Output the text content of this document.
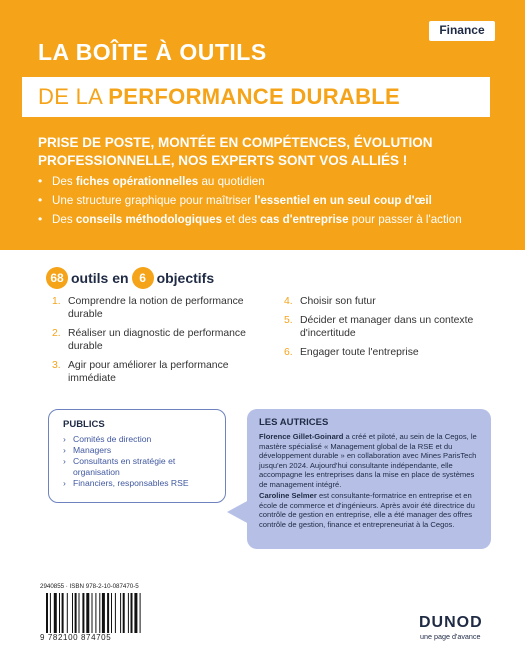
Finance
LA BOÎTE À OUTILS
DE LA PERFORMANCE DURABLE
PRISE DE POSTE, MONTÉE EN COMPÉTENCES, ÉVOLUTION PROFESSIONNELLE, NOS EXPERTS SONT VOS ALLIÉS !
• Des fiches opérationnelles au quotidien
• Une structure graphique pour maîtriser l'essentiel en un seul coup d'œil
• Des conseils méthodologiques et des cas d'entreprise pour passer à l'action
68 outils en 6 objectifs
1. Comprendre la notion de performance durable
2. Réaliser un diagnostic de performance durable
3. Agir pour améliorer la performance immédiate
4. Choisir son futur
5. Décider et manager dans un contexte d'incertitude
6. Engager toute l'entreprise
PUBLICS
› Comités de direction
› Managers
› Consultants en stratégie et organisation
› Financiers, responsables RSE
LES AUTRICES

Florence Gillet-Goinard a créé et piloté, au sein de la Cegos, le mastère spécialisé « Management global de la RSE et du développement durable » en collaboration avec Mines ParisTech jusqu'en 2024. Aujourd'hui consultante indépendante, elle accompagne les entreprises dans la mise en place de systèmes de management intégré.

Caroline Selmer est consultante-formatrice en entreprise et en école de commerce et d'ingénieurs. Après avoir été directrice du contrôle de gestion en entreprise, elle a été manager des offres contrôle de gestion, finance et entrepreneuriat à la Cegos.

2940855 · ISBN 978-2-10-087470-5
9 782100 874705
DUNOD
une page d'avance
